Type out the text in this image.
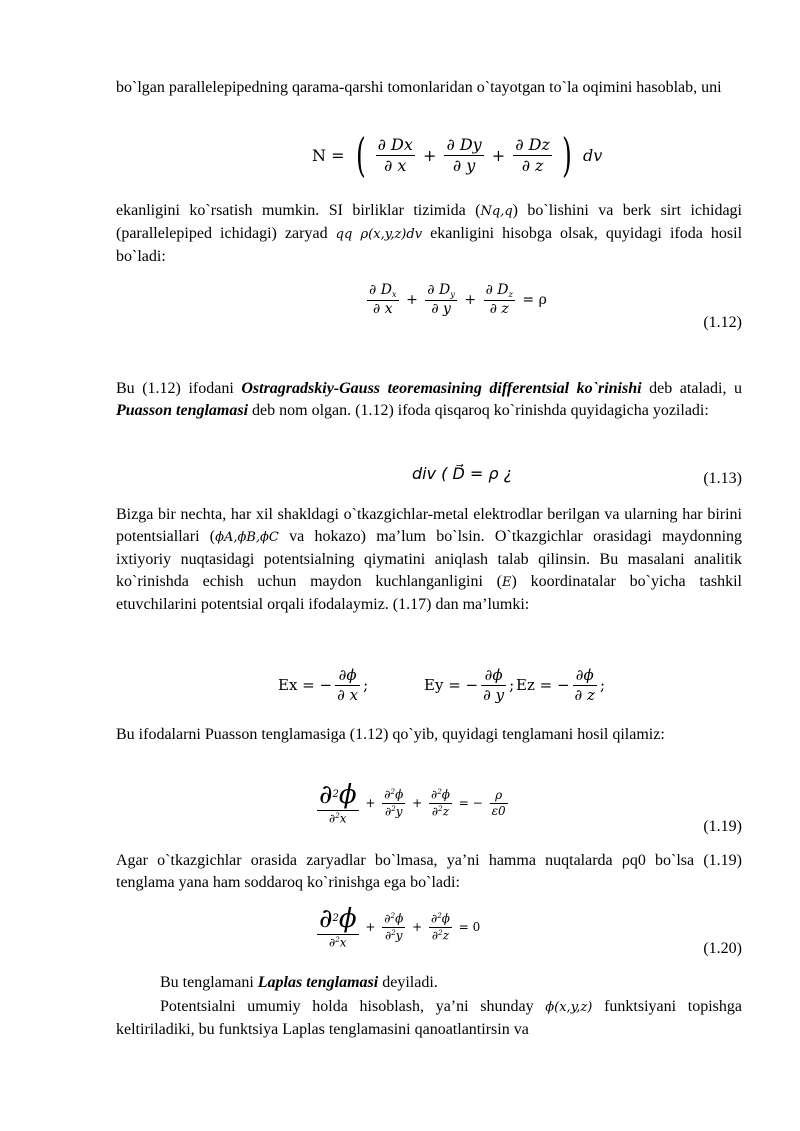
bo`lgan parallelepipedning qarama-qarshi tomonlaridan o`tayotgan to`la oqimini hasoblab, uni

N = ( $\frac{\partial Dx}{\partial x} + \frac{\partial Dy}{\partial y} + \frac{\partial Dz}{\partial z}$ ) dv

ekanligini ko`rsatish mumkin. SI birliklar tizimida (Nq,q) bo`lishini va berk sirt ichidagi (parallelepiped ichidagi) zaryad qq ρ(x,y,z)dv ekanligini hisobga olsak, quyidagi ifoda hosil bo`ladi:

$\frac{\partial D_x}{\partial x} + \frac{\partial D_y}{\partial y} + \frac{\partial D_z}{\partial z} = \rho$
(1.12)

Bu (1.12) ifodani Ostragradskiy-Gauss teoremasining differentsial ko`rinishi deb ataladi, u Puasson tenglamasi deb nom olgan. (1.12) ifoda qisqaroq ko`rinishda quyidagicha yoziladi:

div ( D⃗ = ρ ¿	(1.13)

Bizga bir nechta, har xil shakldagi o`tkazgichlar-metal elektrodlar berilgan va ularning har birini potentsiallari (ϕA,ϕB,ϕC va hokazo) ma’lum bo`lsin. O`tkazgichlar orasidagi maydonning ixtiyoriy nuqtasidagi potentsialning qiymatini aniqlash talab qilinsin. Bu masalani analitik ko`rinishda echish uchun maydon kuchlanganligini (E) koordinatalar bo`yicha tashkil etuvchilarini potentsial orqali ifodalaymiz. (1.17) dan ma’lumki:

Ex = − $\frac{\partial\phi}{\partial x}$ ;	Ey = − $\frac{\partial\phi}{\partial y}$ ; Ez = − $\frac{\partial\phi}{\partial z}$ ;

Bu ifodalarni Puasson tenglamasiga (1.12) qo`yib, quyidagi tenglamani hosil qilamiz:

$\frac{\partial^2\phi}{\partial^2x} + \frac{\partial^2\phi}{\partial^2y} + \frac{\partial^2\phi}{\partial^2z}$ = − $\frac{\rho}{\varepsilon 0}$
(1.19)

Agar o`tkazgichlar orasida zaryadlar bo`lmasa, ya’ni hamma nuqtalarda ρq0 bo`lsa (1.19) tenglama yana ham soddaroq ko`rinishga ega bo`ladi:

$\frac{\partial^2\phi}{\partial^2x} + \frac{\partial^2\phi}{\partial^2y} + \frac{\partial^2\phi}{\partial^2z} = 0$
(1.20)

Bu tenglamani Laplas tenglamasi deyiladi.

Potentsialni umumiy holda hisoblash, ya’ni shunday ϕ(x,y,z) funktsiyani topishga keltiriladiki, bu funktsiya Laplas tenglamasini qanoatlantirsin va
